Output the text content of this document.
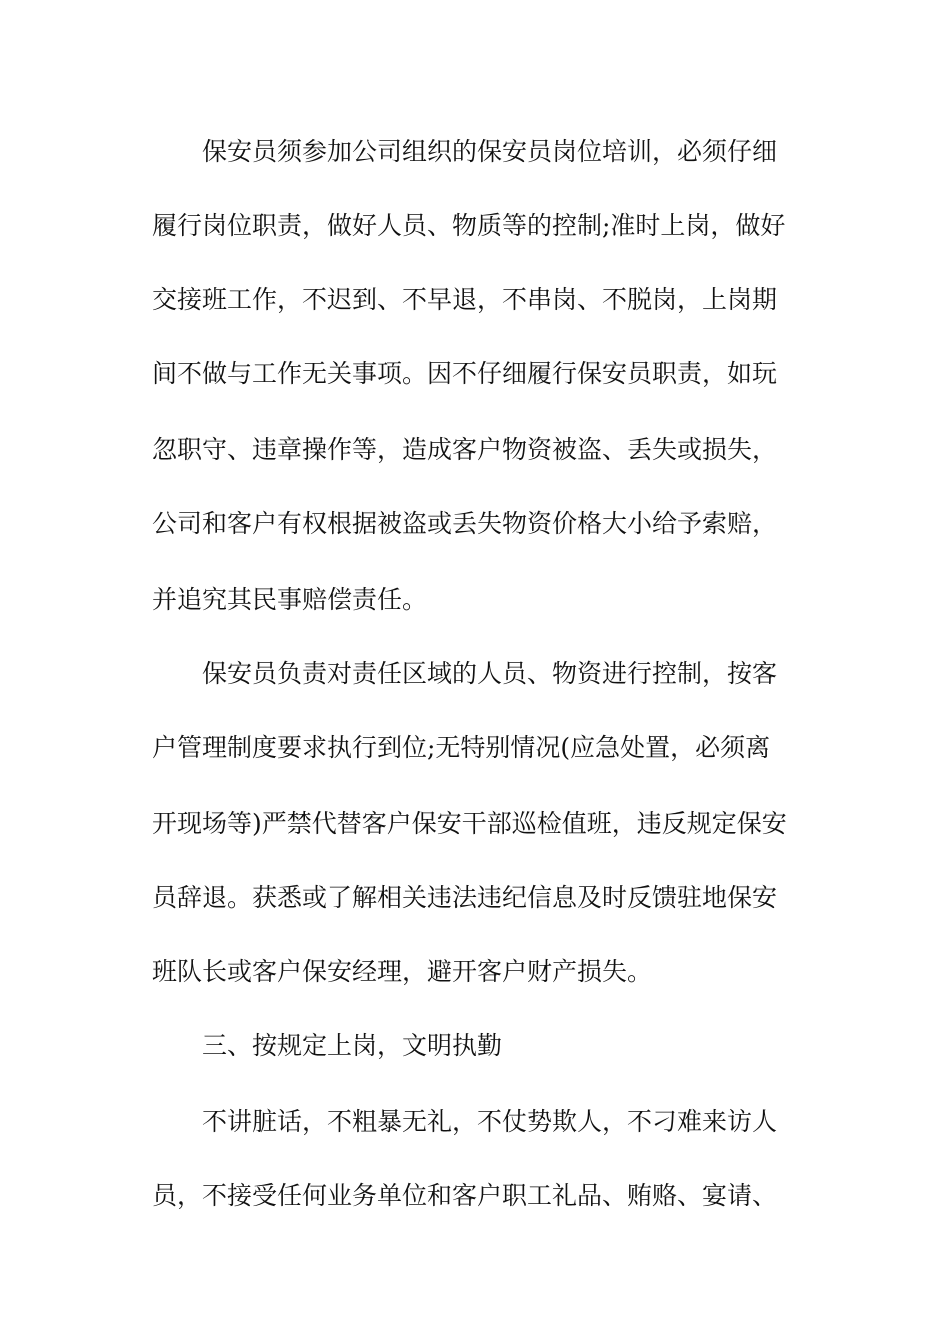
保安员须参加公司组织的保安员岗位培训，必须仔细

履行岗位职责，做好人员、物质等的控制;准时上岗，做好

交接班工作，不迟到、不早退，不串岗、不脱岗，上岗期

间不做与工作无关事项。因不仔细履行保安员职责，如玩

忽职守、违章操作等，造成客户物资被盗、丢失或损失，

公司和客户有权根据被盗或丢失物资价格大小给予索赔，

并追究其民事赔偿责任。

保安员负责对责任区域的人员、物资进行控制，按客

户管理制度要求执行到位;无特别情况(应急处置，必须离

开现场等)严禁代替客户保安干部巡检值班，违反规定保安

员辞退。获悉或了解相关违法违纪信息及时反馈驻地保安

班队长或客户保安经理，避开客户财产损失。

三、按规定上岗，文明执勤

不讲脏话，不粗暴无礼，不仗势欺人，不刁难来访人

员，不接受任何业务单位和客户职工礼品、贿赂、宴请、
